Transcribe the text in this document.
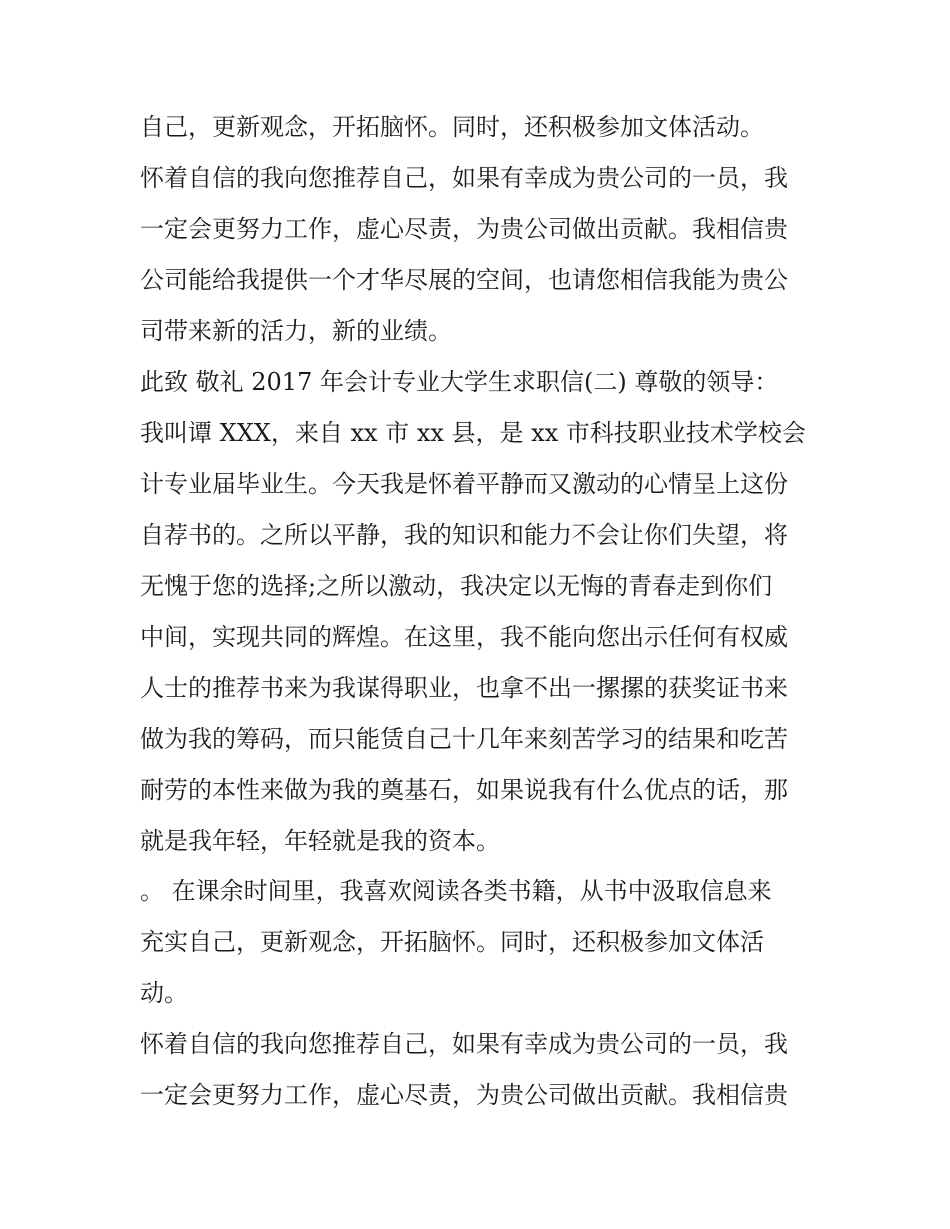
自己，更新观念，开拓脑怀。同时，还积极参加文体活动。
怀着自信的我向您推荐自己，如果有幸成为贵公司的一员，我
一定会更努力工作，虚心尽责，为贵公司做出贡献。我相信贵
公司能给我提供一个才华尽展的空间，也请您相信我能为贵公
司带来新的活力，新的业绩。
此致 敬礼 2017 年会计专业大学生求职信(二) 尊敬的领导：
我叫谭 XXX，来自 xx 市 xx 县，是 xx 市科技职业技术学校会
计专业届毕业生。今天我是怀着平静而又激动的心情呈上这份
自荐书的。之所以平静，我的知识和能力不会让你们失望，将
无愧于您的选择;之所以激动，我决定以无悔的青春走到你们
中间，实现共同的辉煌。在这里，我不能向您出示任何有权威
人士的推荐书来为我谋得职业，也拿不出一摞摞的获奖证书来
做为我的筹码，而只能赁自己十几年来刻苦学习的结果和吃苦
耐劳的本性来做为我的奠基石，如果说我有什么优点的话，那
就是我年轻，年轻就是我的资本。
。 在课余时间里，我喜欢阅读各类书籍，从书中汲取信息来
充实自己，更新观念，开拓脑怀。同时，还积极参加文体活
动。
怀着自信的我向您推荐自己，如果有幸成为贵公司的一员，我
一定会更努力工作，虚心尽责，为贵公司做出贡献。我相信贵
